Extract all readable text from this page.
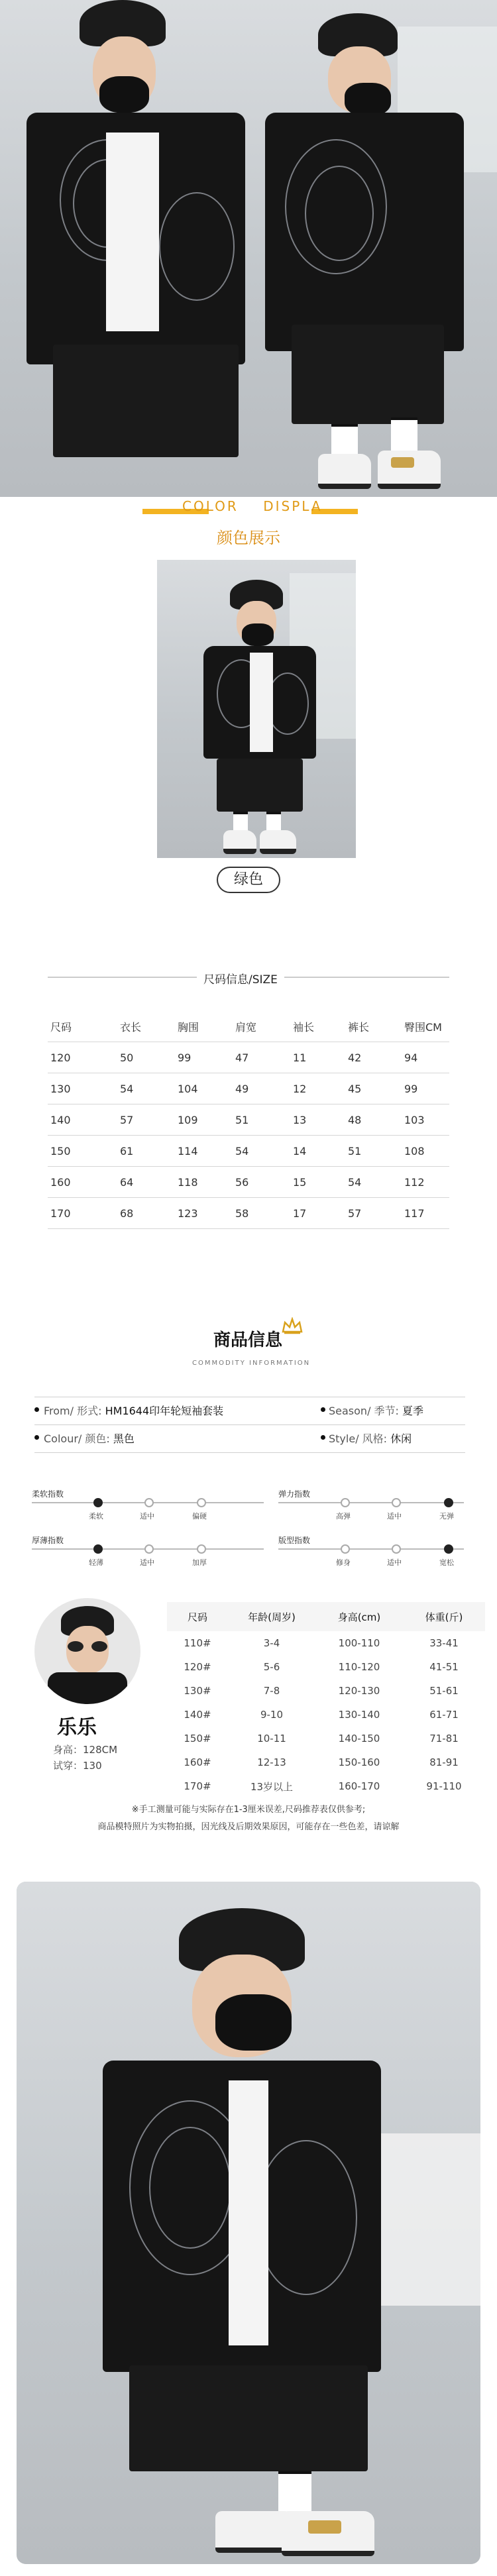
COLOR    DISPLA
颜色展示
绿色
尺码信息/SIZE
尺码	衣长	胸围	肩宽	袖长	裤长	臀围CM
120	50	99	47	11	42	94
130	54	104	49	12	45	99
140	57	109	51	13	48	103
150	61	114	54	14	51	108
160	64	118	56	15	54	112
170	68	123	58	17	57	117
商品信息
COMMODITY INFORMATION
From/ 形式: HM1644印年轮短袖套装	Season/ 季节: 夏季
Colour/ 颜色: 黑色	Style/ 风格: 休闲
柔软指数
柔软	适中	偏硬
弹力指数
高弹	适中	无弹
厚薄指数
轻薄	适中	加厚
版型指数
修身	适中	宽松
乐乐
身高：128CM
试穿：130
尺码	年龄(周岁)	身高(cm)	体重(斤)
110#	3-4	100-110	33-41
120#	5-6	110-120	41-51
130#	7-8	120-130	51-61
140#	9-10	130-140	61-71
150#	10-11	140-150	71-81
160#	12-13	150-160	81-91
170#	13岁以上	160-170	91-110
※手工测量可能与实际存在1-3厘米误差,尺码推荐表仅供参考;
商品模特照片为实物拍摄，因光线及后期效果原因，可能存在一些色差，请谅解
